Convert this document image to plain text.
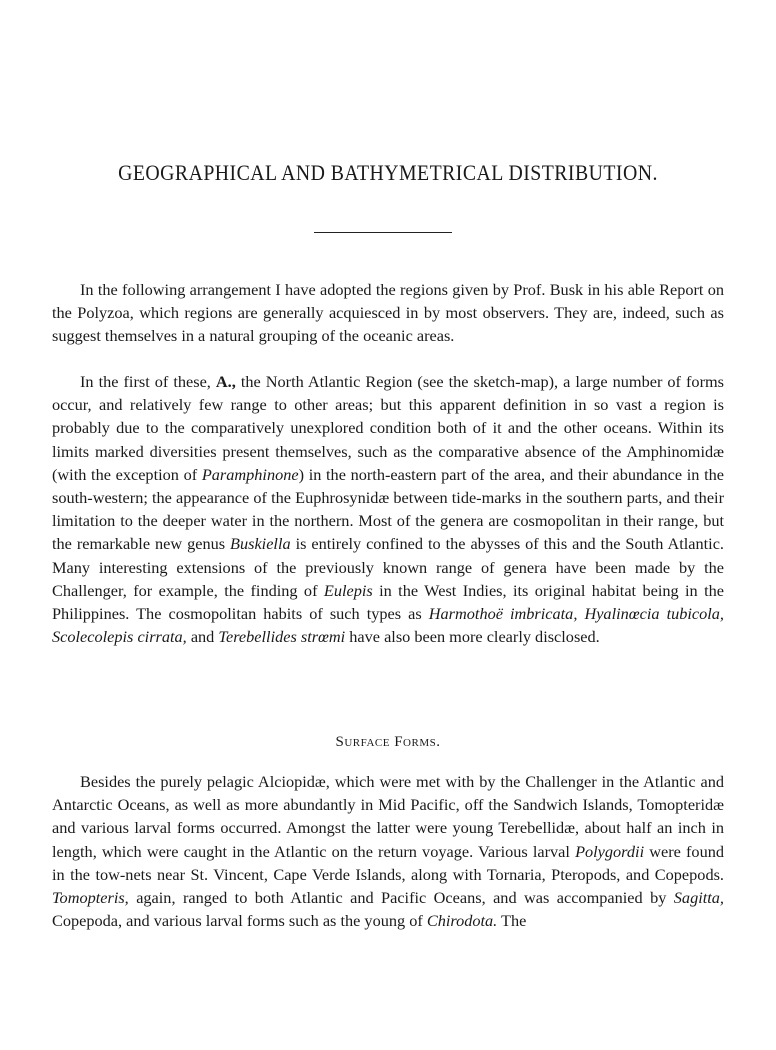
GEOGRAPHICAL AND BATHYMETRICAL DISTRIBUTION.

In the following arrangement I have adopted the regions given by Prof. Busk in his able Report on the Polyzoa, which regions are generally acquiesced in by most observers. They are, indeed, such as suggest themselves in a natural grouping of the oceanic areas.

In the first of these, A., the North Atlantic Region (see the sketch-map), a large number of forms occur, and relatively few range to other areas; but this apparent definition in so vast a region is probably due to the comparatively unexplored condition both of it and the other oceans. Within its limits marked diversities present themselves, such as the comparative absence of the Amphinomidæ (with the exception of Paramphinone) in the north-eastern part of the area, and their abundance in the south-western; the appearance of the Euphrosynidæ between tide-marks in the southern parts, and their limitation to the deeper water in the northern. Most of the genera are cosmopolitan in their range, but the remarkable new genus Buskiella is entirely confined to the abysses of this and the South Atlantic. Many interesting extensions of the previously known range of genera have been made by the Challenger, for example, the finding of Eulepis in the West Indies, its original habitat being in the Philippines. The cosmopolitan habits of such types as Harmothoë imbricata, Hyalinœcia tubicola, Scolecolepis cirrata, and Terebellides strœmi have also been more clearly disclosed.

Surface Forms.

Besides the purely pelagic Alciopidæ, which were met with by the Challenger in the Atlantic and Antarctic Oceans, as well as more abundantly in Mid Pacific, off the Sandwich Islands, Tomopteridæ and various larval forms occurred. Amongst the latter were young Terebellidæ, about half an inch in length, which were caught in the Atlantic on the return voyage. Various larval Polygordii were found in the tow-nets near St. Vincent, Cape Verde Islands, along with Tornaria, Pteropods, and Copepods. Tomopteris, again, ranged to both Atlantic and Pacific Oceans, and was accompanied by Sagitta, Copepoda, and various larval forms such as the young of Chirodota. The
